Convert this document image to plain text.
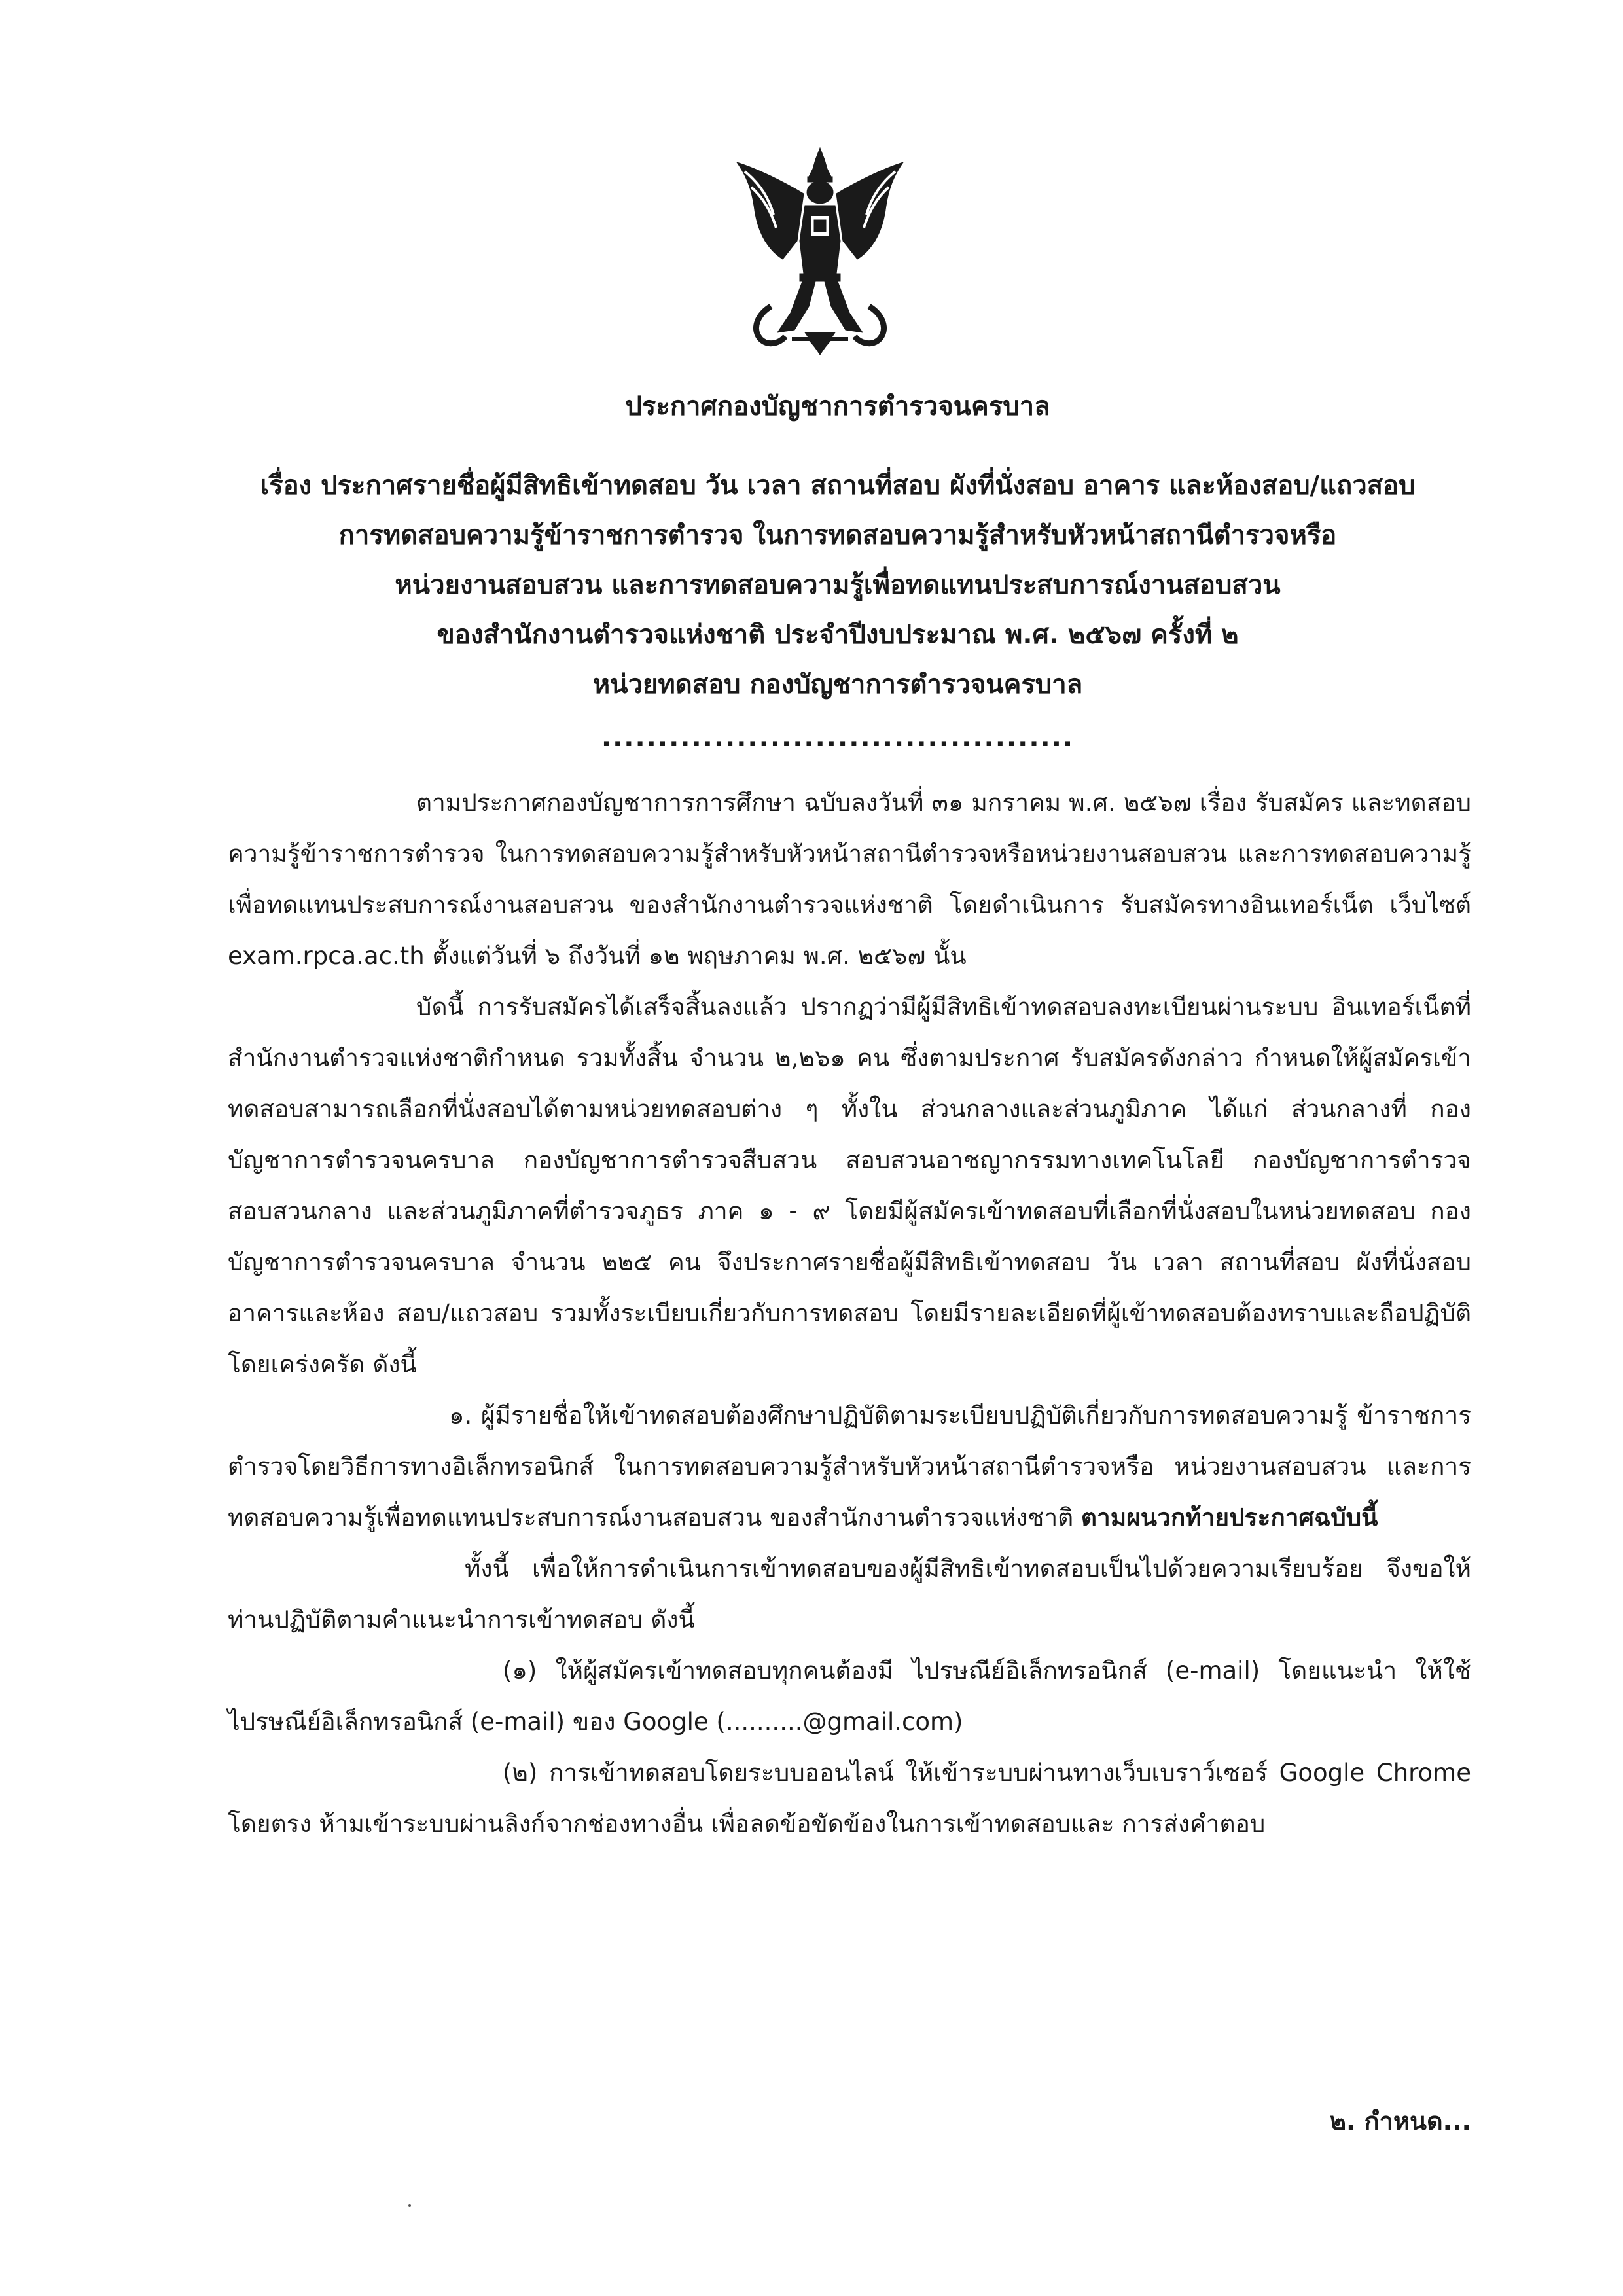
ประกาศกองบัญชาการตำรวจนครบาล
เรื่อง ประกาศรายชื่อผู้มีสิทธิเข้าทดสอบ วัน เวลา สถานที่สอบ ผังที่นั่งสอบ อาคาร และห้องสอบ/แถวสอบ
การทดสอบความรู้ข้าราชการตำรวจ ในการทดสอบความรู้สำหรับหัวหน้าสถานีตำรวจหรือ
หน่วยงานสอบสวน และการทดสอบความรู้เพื่อทดแทนประสบการณ์งานสอบสวน
ของสำนักงานตำรวจแห่งชาติ ประจำปีงบประมาณ พ.ศ. ๒๕๖๗ ครั้งที่ ๒
หน่วยทดสอบ กองบัญชาการตำรวจนครบาล
..........................................

ตามประกาศกองบัญชาการการศึกษา ฉบับลงวันที่ ๓๑ มกราคม พ.ศ. ๒๕๖๗ เรื่อง รับสมัคร และทดสอบความรู้ข้าราชการตำรวจ ในการทดสอบความรู้สำหรับหัวหน้าสถานีตำรวจหรือหน่วยงานสอบสวน และการทดสอบความรู้เพื่อทดแทนประสบการณ์งานสอบสวน ของสำนักงานตำรวจแห่งชาติ โดยดำเนินการ รับสมัครทางอินเทอร์เน็ต เว็บไซต์ exam.rpca.ac.th ตั้งแต่วันที่ ๖ ถึงวันที่ ๑๒ พฤษภาคม พ.ศ. ๒๕๖๗ นั้น

บัดนี้ การรับสมัครได้เสร็จสิ้นลงแล้ว ปรากฏว่ามีผู้มีสิทธิเข้าทดสอบลงทะเบียนผ่านระบบ อินเทอร์เน็ตที่สำนักงานตำรวจแห่งชาติกำหนด รวมทั้งสิ้น จำนวน ๒,๒๖๑ คน ซึ่งตามประกาศ รับสมัครดังกล่าว กำหนดให้ผู้สมัครเข้าทดสอบสามารถเลือกที่นั่งสอบได้ตามหน่วยทดสอบต่าง ๆ ทั้งใน ส่วนกลางและส่วนภูมิภาค ได้แก่ ส่วนกลางที่ กองบัญชาการตำรวจนครบาล กองบัญชาการตำรวจสืบสวน สอบสวนอาชญากรรมทางเทคโนโลยี กองบัญชาการตำรวจสอบสวนกลาง และส่วนภูมิภาคที่ตำรวจภูธร ภาค ๑ - ๙ โดยมีผู้สมัครเข้าทดสอบที่เลือกที่นั่งสอบในหน่วยทดสอบ กองบัญชาการตำรวจนครบาล จำนวน ๒๒๕ คน จึงประกาศรายชื่อผู้มีสิทธิเข้าทดสอบ วัน เวลา สถานที่สอบ ผังที่นั่งสอบ อาคารและห้อง สอบ/แถวสอบ รวมทั้งระเบียบเกี่ยวกับการทดสอบ โดยมีรายละเอียดที่ผู้เข้าทดสอบต้องทราบและถือปฏิบัติ โดยเคร่งครัด ดังนี้

๑. ผู้มีรายชื่อให้เข้าทดสอบต้องศึกษาปฏิบัติตามระเบียบปฏิบัติเกี่ยวกับการทดสอบความรู้ ข้าราชการตำรวจโดยวิธีการทางอิเล็กทรอนิกส์ ในการทดสอบความรู้สำหรับหัวหน้าสถานีตำรวจหรือ หน่วยงานสอบสวน และการทดสอบความรู้เพื่อทดแทนประสบการณ์งานสอบสวน ของสำนักงานตำรวจแห่งชาติ ตามผนวกท้ายประกาศฉบับนี้

ทั้งนี้ เพื่อให้การดำเนินการเข้าทดสอบของผู้มีสิทธิเข้าทดสอบเป็นไปด้วยความเรียบร้อย จึงขอให้ท่านปฏิบัติตามคำแนะนำการเข้าทดสอบ ดังนี้

(๑) ให้ผู้สมัครเข้าทดสอบทุกคนต้องมี ไปรษณีย์อิเล็กทรอนิกส์ (e-mail) โดยแนะนำ ให้ใช้ไปรษณีย์อิเล็กทรอนิกส์ (e-mail) ของ Google (..........@gmail.com)

(๒) การเข้าทดสอบโดยระบบออนไลน์ ให้เข้าระบบผ่านทางเว็บเบราว์เซอร์ Google Chrome โดยตรง ห้ามเข้าระบบผ่านลิงก์จากช่องทางอื่น เพื่อลดข้อขัดข้องในการเข้าทดสอบและ การส่งคำตอบ

๒. กำหนด...
